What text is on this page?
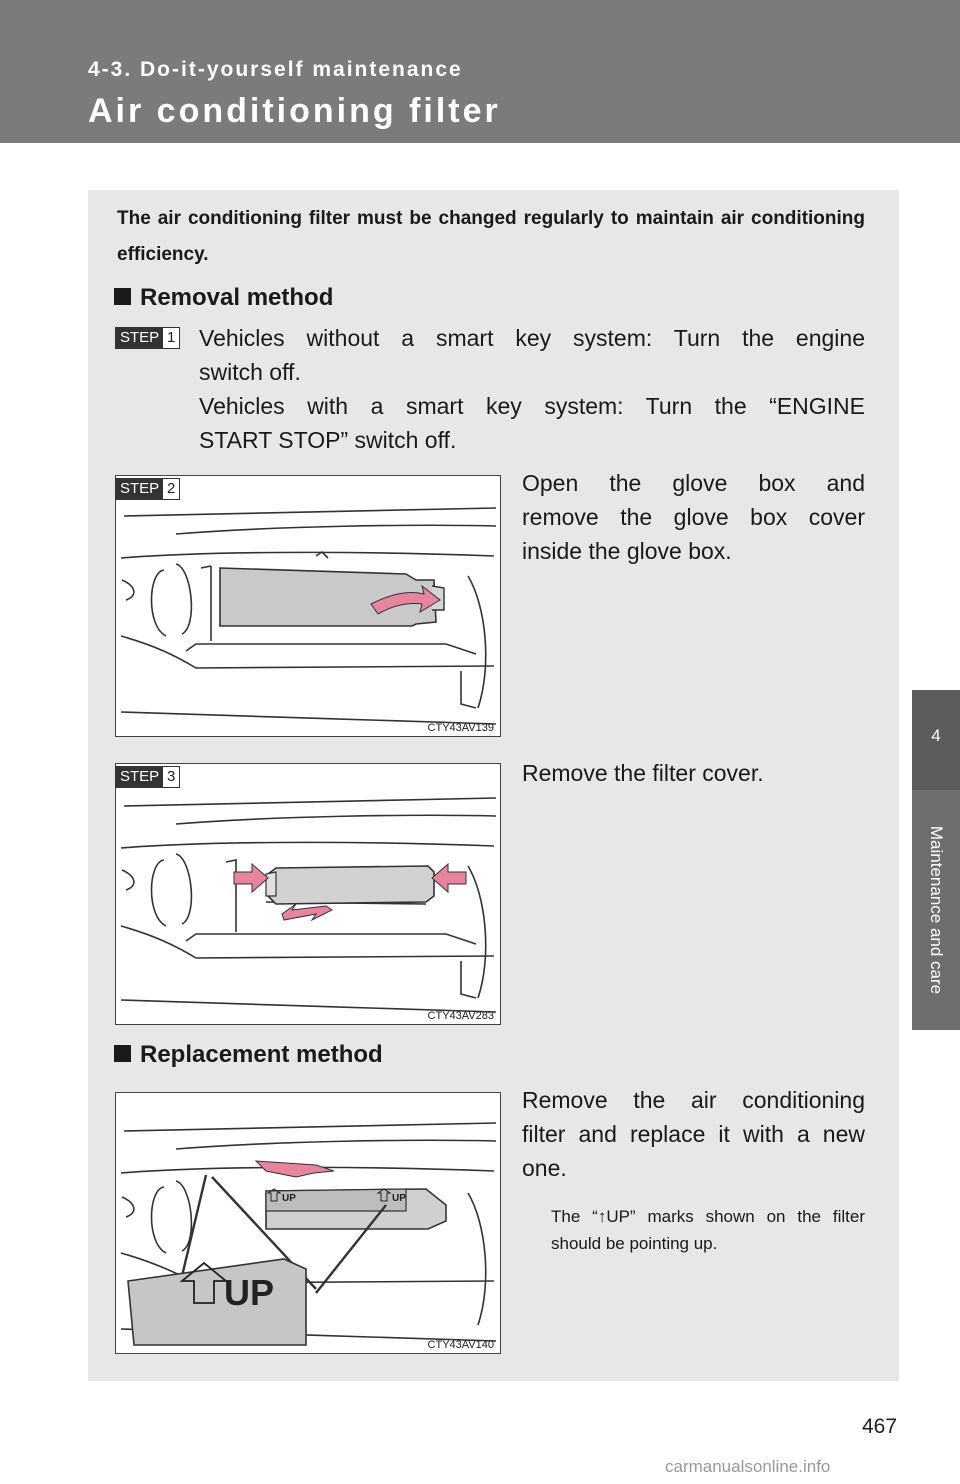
4-3. Do-it-yourself maintenance
Air conditioning filter
4
Maintenance and care
The air conditioning filter must be changed regularly to maintain air conditioning efficiency.
Removal method
STEP 1 Vehicles without a smart key system: Turn the engine
switch off.
Vehicles with a smart key system: Turn the “ENGINE
START STOP” switch off.
CTY43AV139
STEP 2	Open the glove box and
remove the glove box cover
inside the glove box.
CTY43AV283
STEP 3	Remove the filter cover.
Replacement method
UP
UP	UP
CTY43AV140
Remove the air conditioning
filter and replace it with a new
one.
The “↑UP” marks shown on the filter should be pointing up.
467
carmanualsonline.info
